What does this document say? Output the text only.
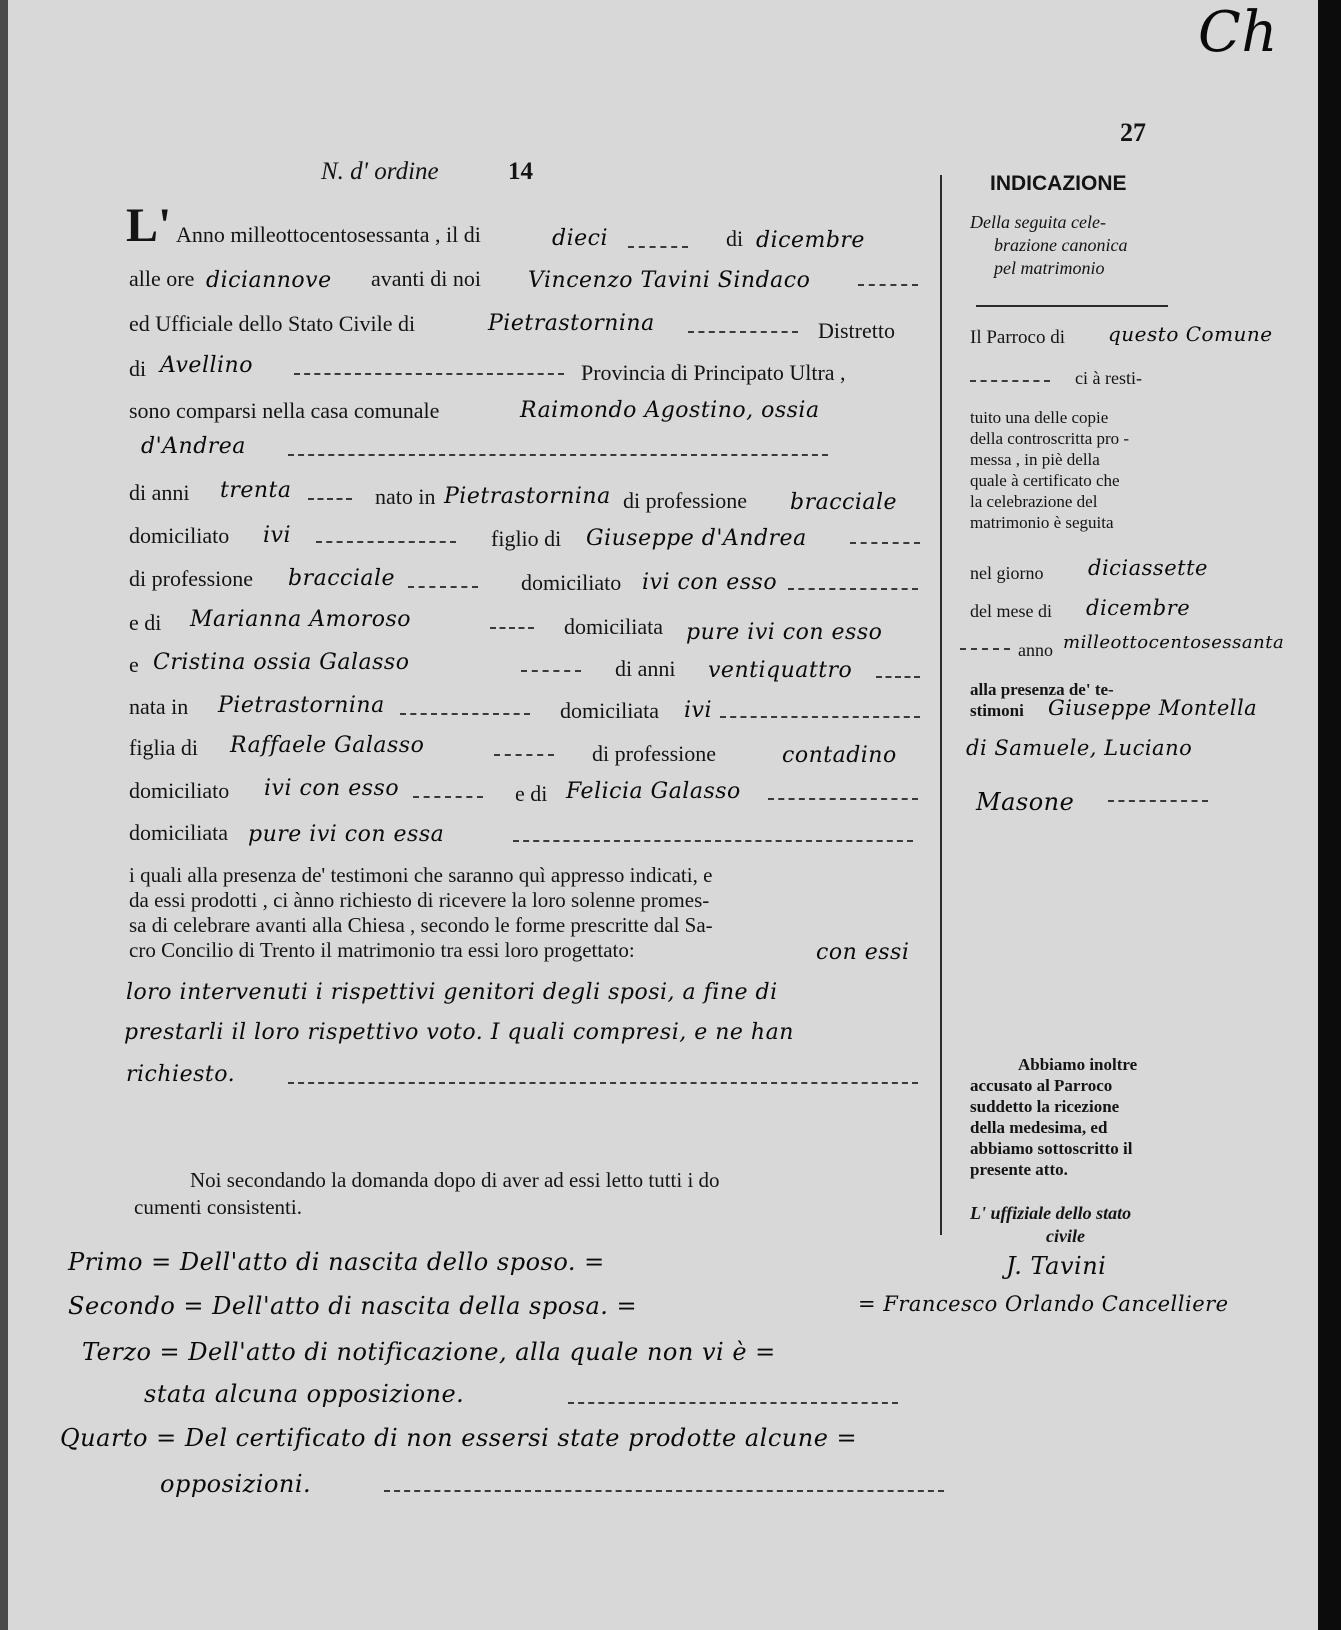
Ch
27
N. d' ordine	14
L' Anno milleottocentosessanta , il di	dieci	di dicembre
alle ore diciannove avanti di noi Vincenzo Tavini Sindaco
ed Ufficiale dello Stato Civile di	Pietrastornina	Distretto
di Avellino	Provincia di Principato Ultra ,
sono comparsi nella casa comunale	Raimondo Agostino, ossia
d'Andrea
di anni trenta	nato in Pietrastornina di professione bracciale
domiciliato ivi	figlio di Giuseppe d'Andrea
di professione bracciale	domiciliato ivi con esso
e di Marianna Amoroso	domiciliata pure ivi con esso
e Cristina ossia Galasso	di anni ventiquattro
nata in Pietrastornina	domiciliata ivi
figlia di Raffaele Galasso	di professione	contadino
domiciliato ivi con esso	e di Felicia Galasso
domiciliata pure ivi con essa
i quali alla presenza de' testimoni che saranno quì appresso indicati, e
da essi prodotti , ci ànno richiesto di ricevere la loro solenne promes-
sa di celebrare avanti alla Chiesa , secondo le forme prescritte dal Sa-
cro Concilio di Trento il matrimonio tra essi loro progettato:	con essi
loro intervenuti i rispettivi genitori degli sposi, a fine di
prestarli il loro rispettivo voto. I quali compresi, e ne han
richiesto.
Noi secondando la domanda dopo di aver ad essi letto tutti i do
cumenti consistenti.
Primo = Dell'atto di nascita dello sposo. =
Secondo = Dell'atto di nascita della sposa. =
Terzo = Dell'atto di notificazione, alla quale non vi è =
stata alcuna opposizione.
Quarto = Del certificato di non essersi state prodotte alcune =
opposizioni.
INDICAZIONE
Della seguita cele-
brazione canonica
pel matrimonio
Il Parroco di questo Comune
ci à resti-
tuito una delle copie
della controscritta pro -
messa , in piè della
quale à certificato che
la celebrazione del
matrimonio è seguita
nel giorno diciassette
del mese di dicembre
anno milleottocentosessanta
alla presenza de' te-
stimoni Giuseppe Montella
di Samuele, Luciano
Masone
Abbiamo inoltre
accusato al Parroco
suddetto la ricezione
della medesima, ed
abbiamo sottoscritto il
presente atto.
L' uffiziale dello stato
civile
J. Tavini
= Francesco Orlando Cancelliere
